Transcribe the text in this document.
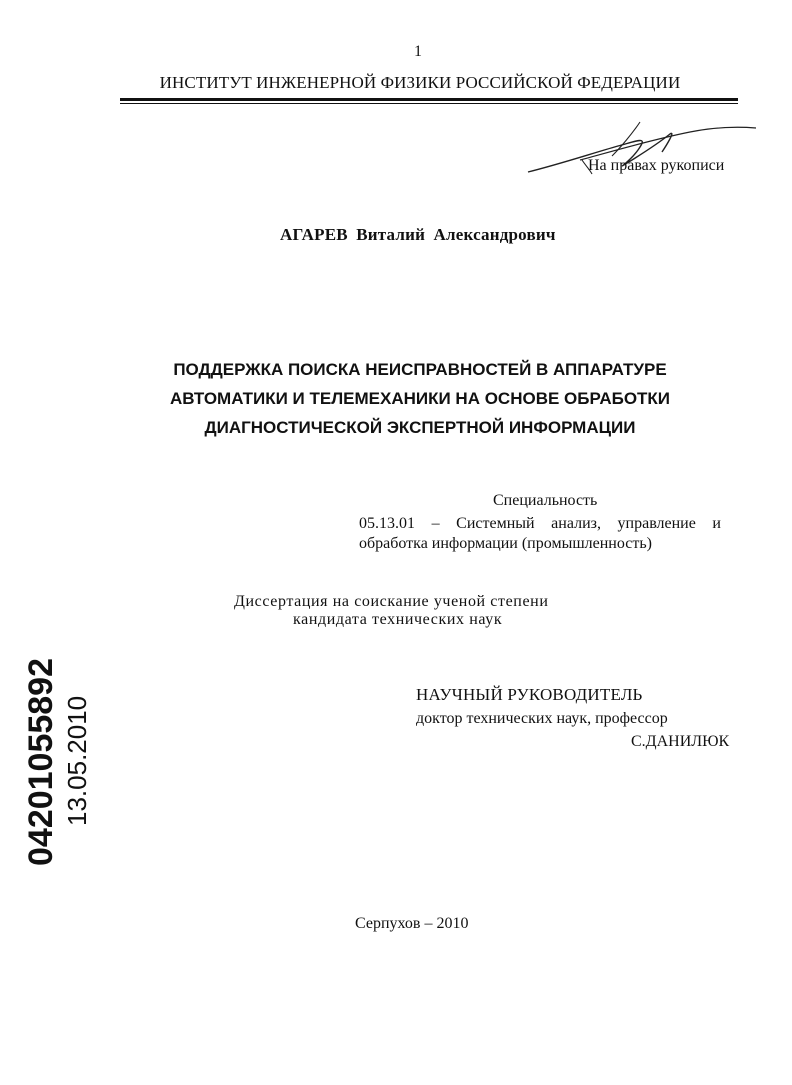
1
ИНСТИТУТ ИНЖЕНЕРНОЙ ФИЗИКИ РОССИЙСКОЙ ФЕДЕРАЦИИ
На правах рукописи
АГАРЕВ Виталий Александрович
ПОДДЕРЖКА ПОИСКА НЕИСПРАВНОСТЕЙ В АППАРАТУРЕ
АВТОМАТИКИ И ТЕЛЕМЕХАНИКИ НА ОСНОВЕ ОБРАБОТКИ
ДИАГНОСТИЧЕСКОЙ ЭКСПЕРТНОЙ ИНФОРМАЦИИ
Специальность
05.13.01 – Системный анализ, управление и
обработка информации (промышленность)
Диссертация на соискание ученой степени
кандидата технических наук
НАУЧНЫЙ РУКОВОДИТЕЛЬ
доктор технических наук, профессор
С.ДАНИЛЮК
Серпухов – 2010
04201055892 13.05.2010
